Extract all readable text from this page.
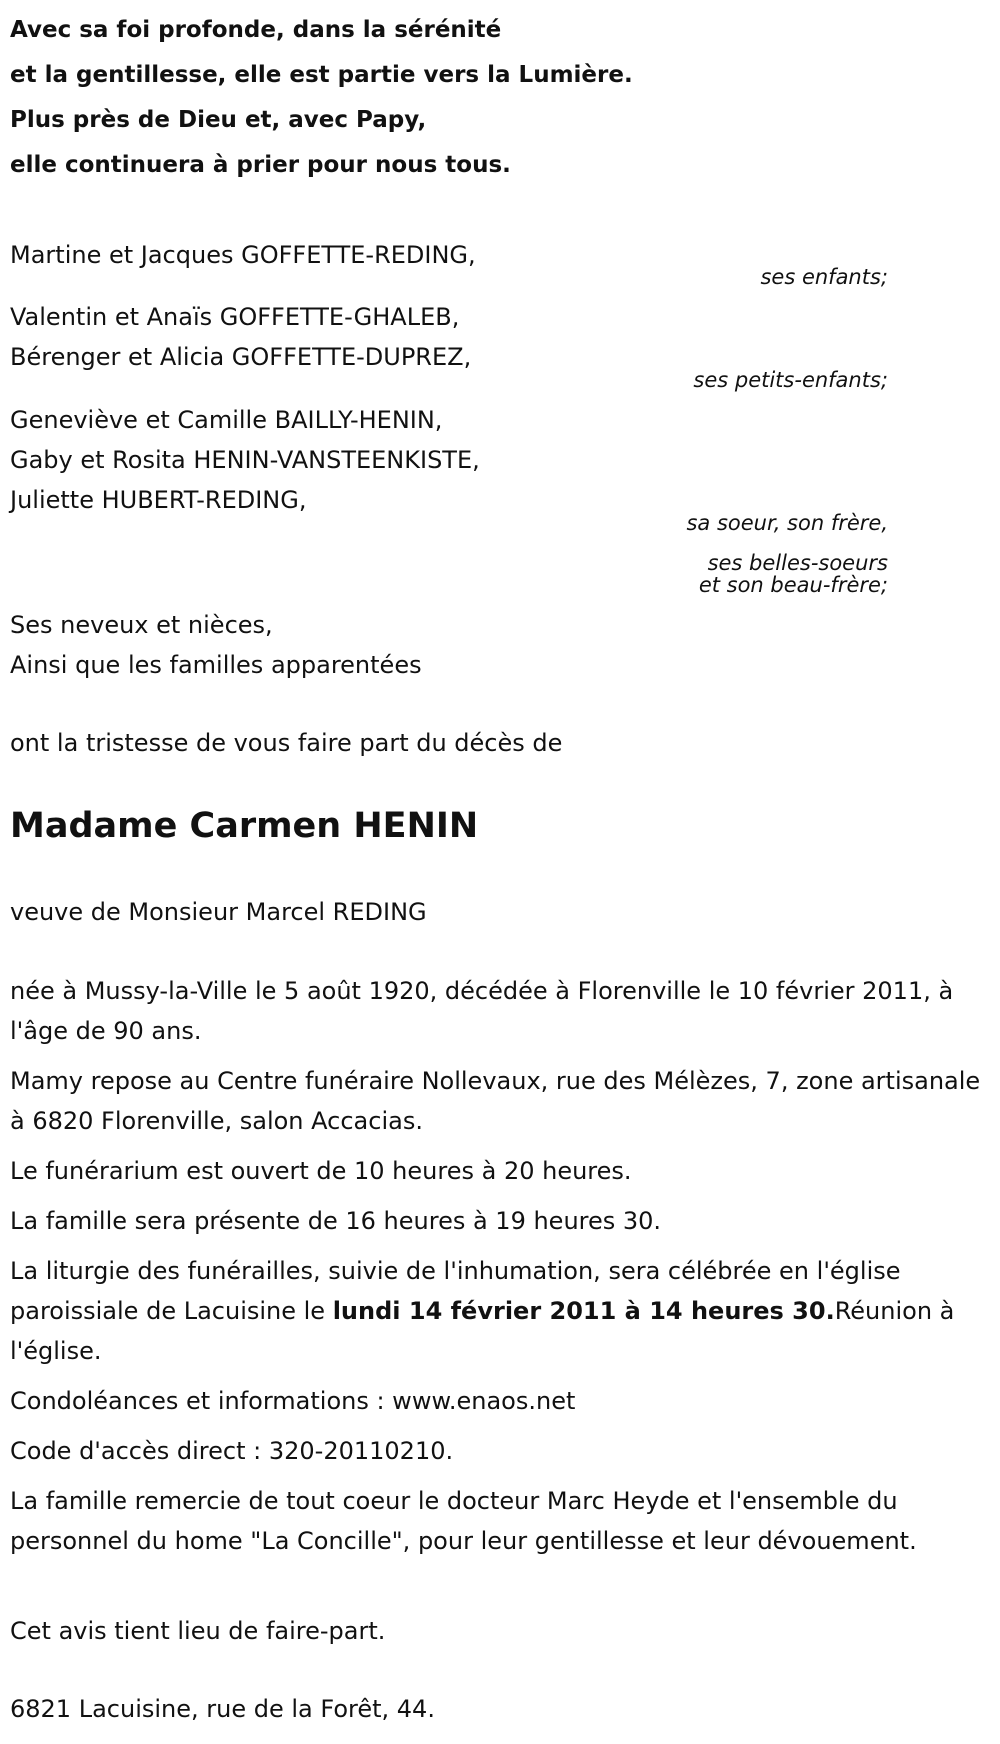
Avec sa foi profonde, dans la sérénité
et la gentillesse, elle est partie vers la Lumière.
Plus près de Dieu et, avec Papy,
elle continuera à prier pour nous tous.
Martine et Jacques GOFFETTE-REDING,
ses enfants;
Valentin et Anaïs GOFFETTE-GHALEB,
Bérenger et Alicia GOFFETTE-DUPREZ,
ses petits-enfants;
Geneviève et Camille BAILLY-HENIN,
Gaby et Rosita HENIN-VANSTEENKISTE,
Juliette HUBERT-REDING,
sa soeur, son frère,
ses belles-soeurs
et son beau-frère;
Ses neveux et nièces,
Ainsi que les familles apparentées
ont la tristesse de vous faire part du décès de
Madame Carmen HENIN
veuve de Monsieur Marcel REDING
née à Mussy-la-Ville le 5 août 1920, décédée à Florenville le 10 février 2011, à l'âge de 90 ans.
Mamy repose au Centre funéraire Nollevaux, rue des Mélèzes, 7, zone artisanale à 6820 Florenville, salon Accacias.
Le funérarium est ouvert de 10 heures à 20 heures.
La famille sera présente de 16 heures à 19 heures 30.
La liturgie des funérailles, suivie de l'inhumation, sera célébrée en l'église paroissiale de Lacuisine le lundi 14 février 2011 à 14 heures 30.Réunion à l'église.
Condoléances et informations : www.enaos.net
Code d'accès direct : 320-20110210.
La famille remercie de tout coeur le docteur Marc Heyde et l'ensemble du personnel du home "La Concille", pour leur gentillesse et leur dévouement.
Cet avis tient lieu de faire-part.
6821 Lacuisine, rue de la Forêt, 44.
